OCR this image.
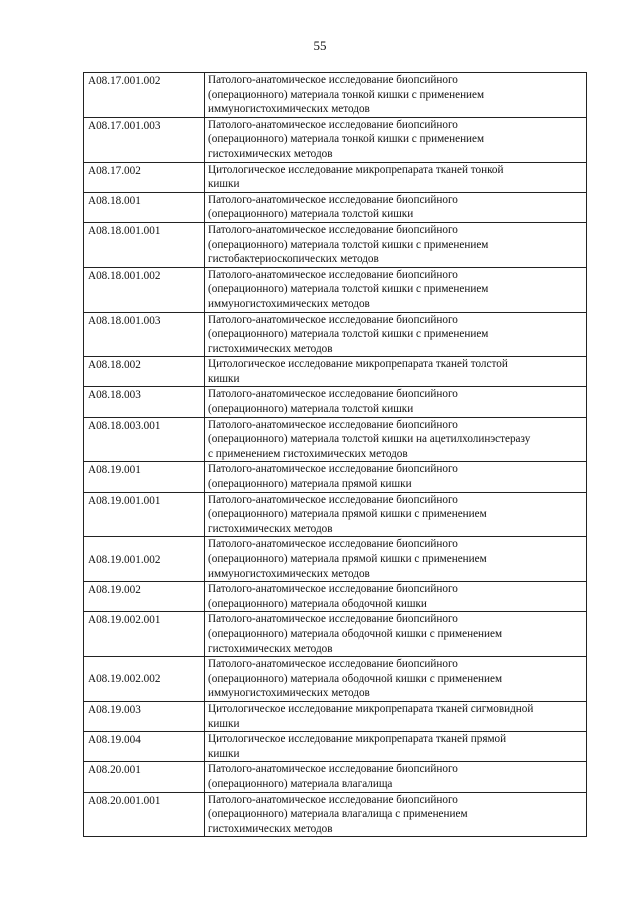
55
А08.17.001.002	Патолого-анатомическое исследование биопсийного
(операционного) материала тонкой кишки с применением
иммуногистохимических методов

А08.17.001.003	Патолого-анатомическое исследование биопсийного
(операционного) материала тонкой кишки с применением
гистохимических методов

А08.17.002	Цитологическое исследование микропрепарата тканей тонкой
кишки

А08.18.001	Патолого-анатомическое исследование биопсийного
(операционного) материала толстой кишки

А08.18.001.001	Патолого-анатомическое исследование биопсийного
(операционного) материала толстой кишки с применением
гистобактериоскопических методов

А08.18.001.002	Патолого-анатомическое исследование биопсийного
(операционного) материала толстой кишки с применением
иммуногистохимических методов

А08.18.001.003	Патолого-анатомическое исследование биопсийного
(операционного) материала толстой кишки с применением
гистохимических методов

А08.18.002	Цитологическое исследование микропрепарата тканей толстой
кишки

А08.18.003	Патолого-анатомическое исследование биопсийного
(операционного) материала толстой кишки

А08.18.003.001	Патолого-анатомическое исследование биопсийного
(операционного) материала толстой кишки на ацетилхолинэстеразу
с применением гистохимических методов

А08.19.001	Патолого-анатомическое исследование биопсийного
(операционного) материала прямой кишки

А08.19.001.001	Патолого-анатомическое исследование биопсийного
(операционного) материала прямой кишки с применением
гистохимических методов

А08.19.001.002	Патолого-анатомическое исследование биопсийного
(операционного) материала прямой кишки с применением
иммуногистохимических методов

А08.19.002	Патолого-анатомическое исследование биопсийного
(операционного) материала ободочной кишки

А08.19.002.001	Патолого-анатомическое исследование биопсийного
(операционного) материала ободочной кишки с применением
гистохимических методов

А08.19.002.002	Патолого-анатомическое исследование биопсийного
(операционного) материала ободочной кишки с применением
иммуногистохимических методов

А08.19.003	Цитологическое исследование микропрепарата тканей сигмовидной
кишки

А08.19.004	Цитологическое исследование микропрепарата тканей прямой
кишки

А08.20.001	Патолого-анатомическое исследование биопсийного
(операционного) материала влагалища

А08.20.001.001	Патолого-анатомическое исследование биопсийного
(операционного) материала влагалища с применением
гистохимических методов
